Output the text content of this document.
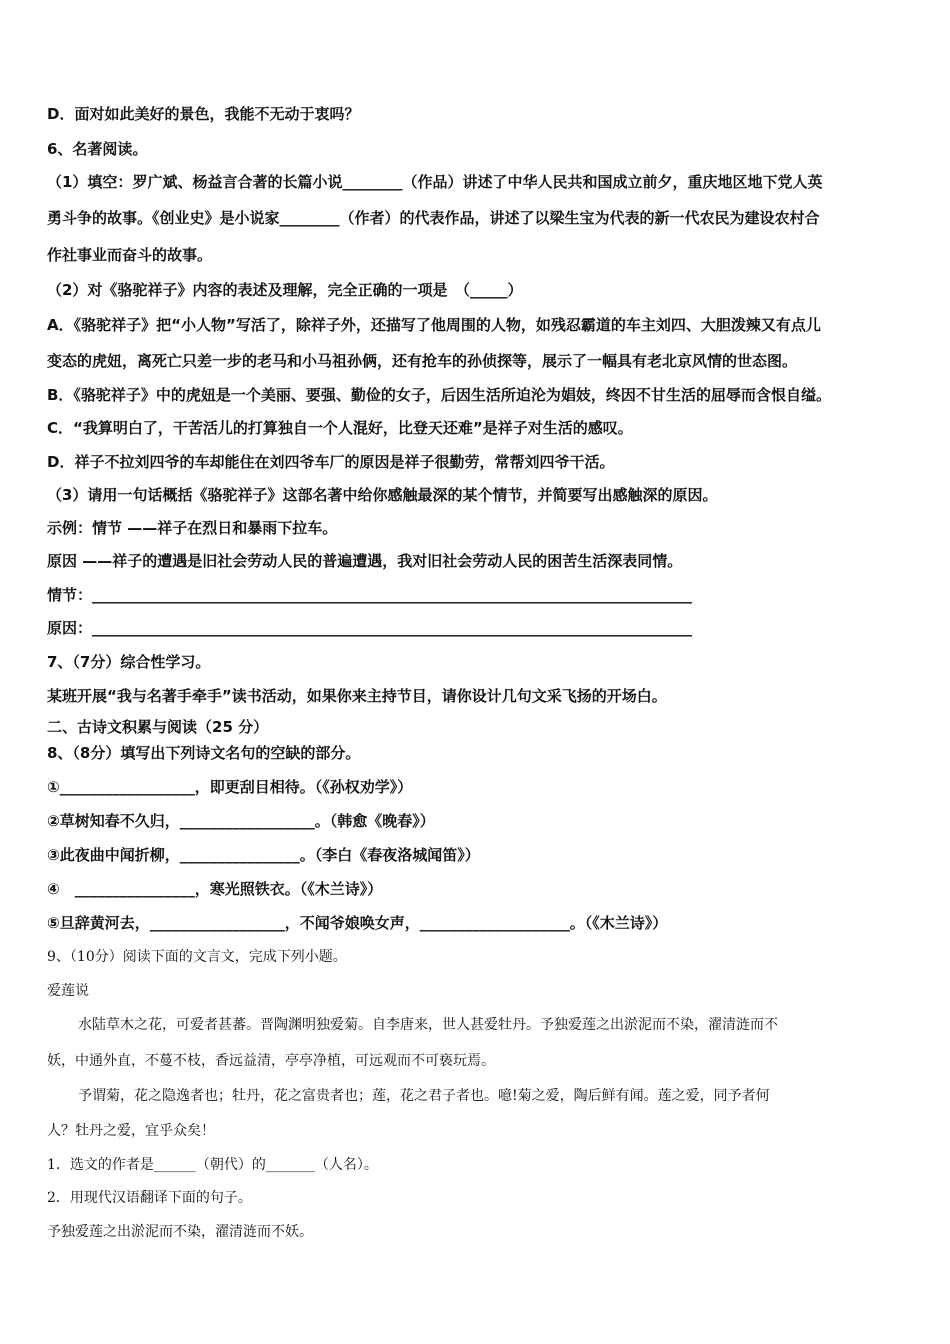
D．面对如此美好的景色，我能不无动于衷吗？
6、名著阅读。
（1）填空：罗广斌、杨益言合著的长篇小说________（作品）讲述了中华人民共和国成立前夕，重庆地区地下党人英
勇斗争的故事。《创业史》是小说家________（作者）的代表作品，讲述了以梁生宝为代表的新一代农民为建设农村合
作社事业而奋斗的故事。
（2）对《骆驼祥子》内容的表述及理解，完全正确的一项是　（_____）
A．《骆驼祥子》把“小人物”写活了，除祥子外，还描写了他周围的人物，如残忍霸道的车主刘四、大胆泼辣又有点儿
变态的虎妞，离死亡只差一步的老马和小马祖孙俩，还有抢车的孙侦探等，展示了一幅具有老北京风情的世态图。
B．《骆驼祥子》中的虎妞是一个美丽、要强、勤俭的女子，后因生活所迫沦为娼妓，终因不甘生活的屈辱而含恨自缢。
C．“我算明白了，干苦活儿的打算独自一个人混好，比登天还难”是祥子对生活的感叹。
D．祥子不拉刘四爷的车却能住在刘四爷车厂的原因是祥子很勤劳，常帮刘四爷干活。
（3）请用一句话概括《骆驼祥子》这部名著中给你感触最深的某个情节，并简要写出感触深的原因。
示例：情节 ——祥子在烈日和暴雨下拉车。
原因 ——祥子的遭遇是旧社会劳动人民的普遍遭遇，我对旧社会劳动人民的困苦生活深表同情。
情节：________________________________________________________________________________
原因：________________________________________________________________________________
7、（7分）综合性学习。
某班开展“我与名著手牵手”读书活动，如果你来主持节目，请你设计几句文采飞扬的开场白。
二、古诗文积累与阅读（25 分）
8、（8分）填写出下列诗文名句的空缺的部分。
①__________________，即更刮目相待。（《孙权劝学》）
②草树知春不久归，__________________。（韩愈《晚春》）
③此夜曲中闻折柳，________________。（李白《春夜洛城闻笛》）
④　________________，寒光照铁衣。（《木兰诗》）
⑤旦辞黄河去，__________________，不闻爷娘唤女声，____________________。（《木兰诗》）
9、（10分）阅读下面的文言文，完成下列小题。
爱莲说
水陆草木之花，可爱者甚蕃。晋陶渊明独爱菊。自李唐来，世人甚爱牡丹。予独爱莲之出淤泥而不染，濯清涟而不
妖，中通外直，不蔓不枝，香远益清，亭亭净植，可远观而不可亵玩焉。
予谓菊，花之隐逸者也；牡丹，花之富贵者也；莲，花之君子者也。噫!菊之爱，陶后鲜有闻。莲之爱，同予者何
人？牡丹之爱，宜乎众矣！
1．选文的作者是______（朝代）的_______（人名）。
2．用现代汉语翻译下面的句子。
予独爱莲之出淤泥而不染，濯清涟而不妖。
